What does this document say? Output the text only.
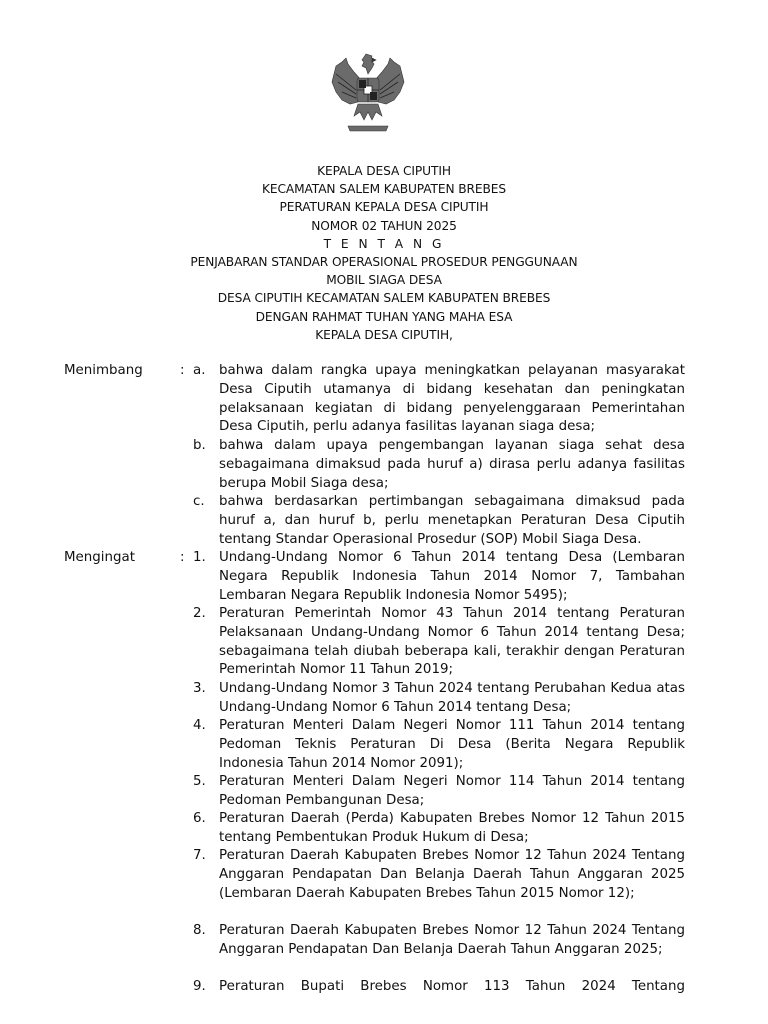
KEPALA DESA CIPUTIH
KECAMATAN SALEM KABUPATEN BREBES
PERATURAN KEPALA DESA CIPUTIH
NOMOR 02 TAHUN 2025
T E N T A N G
PENJABARAN STANDAR OPERASIONAL PROSEDUR PENGGUNAAN
MOBIL SIAGA DESA
DESA CIPUTIH KECAMATAN SALEM KABUPATEN BREBES
DENGAN RAHMAT TUHAN YANG MAHA ESA
KEPALA DESA CIPUTIH,
Menimbang	: a.	bahwa dalam rangka upaya meningkatkan pelayanan masyarakat Desa Ciputih utamanya di bidang kesehatan dan peningkatan pelaksanaan kegiatan di bidang penyelenggaraan Pemerintahan Desa Ciputih, perlu adanya fasilitas layanan siaga desa;
b. bahwa dalam upaya pengembangan layanan siaga sehat desa sebagaimana dimaksud pada huruf a) dirasa perlu adanya fasilitas berupa Mobil Siaga desa;
c.	bahwa berdasarkan pertimbangan sebagaimana dimaksud pada huruf a, dan huruf b, perlu menetapkan Peraturan Desa Ciputih tentang Standar Operasional Prosedur (SOP) Mobil Siaga Desa.
Mengingat	: 1. Undang-Undang Nomor 6 Tahun 2014 tentang Desa (Lembaran Negara Republik Indonesia Tahun 2014 Nomor 7, Tambahan Lembaran Negara Republik Indonesia Nomor 5495);
2. Peraturan Pemerintah Nomor 43 Tahun 2014 tentang Peraturan Pelaksanaan Undang-Undang Nomor 6 Tahun 2014 tentang Desa; sebagaimana telah diubah beberapa kali, terakhir dengan Peraturan Pemerintah Nomor 11 Tahun 2019;
3. Undang-Undang Nomor 3 Tahun 2024 tentang Perubahan Kedua atas Undang-Undang Nomor 6 Tahun 2014 tentang Desa;
4. Peraturan Menteri Dalam Negeri Nomor 111 Tahun 2014 tentang Pedoman Teknis Peraturan Di Desa (Berita Negara Republik Indonesia Tahun 2014 Nomor 2091);
5. Peraturan Menteri Dalam Negeri Nomor 114 Tahun 2014 tentang Pedoman Pembangunan Desa;
6. Peraturan Daerah (Perda) Kabupaten Brebes Nomor 12 Tahun 2015 tentang Pembentukan Produk Hukum di Desa;
7. Peraturan Daerah Kabupaten Brebes Nomor 12 Tahun 2024 Tentang Anggaran Pendapatan Dan Belanja Daerah Tahun Anggaran 2025 (Lembaran Daerah Kabupaten Brebes Tahun 2015 Nomor 12);
8. Peraturan Daerah Kabupaten Brebes Nomor 12 Tahun 2024 Tentang Anggaran Pendapatan Dan Belanja Daerah Tahun Anggaran 2025;
9. Peraturan Bupati Brebes Nomor 113 Tahun 2024 Tentang
